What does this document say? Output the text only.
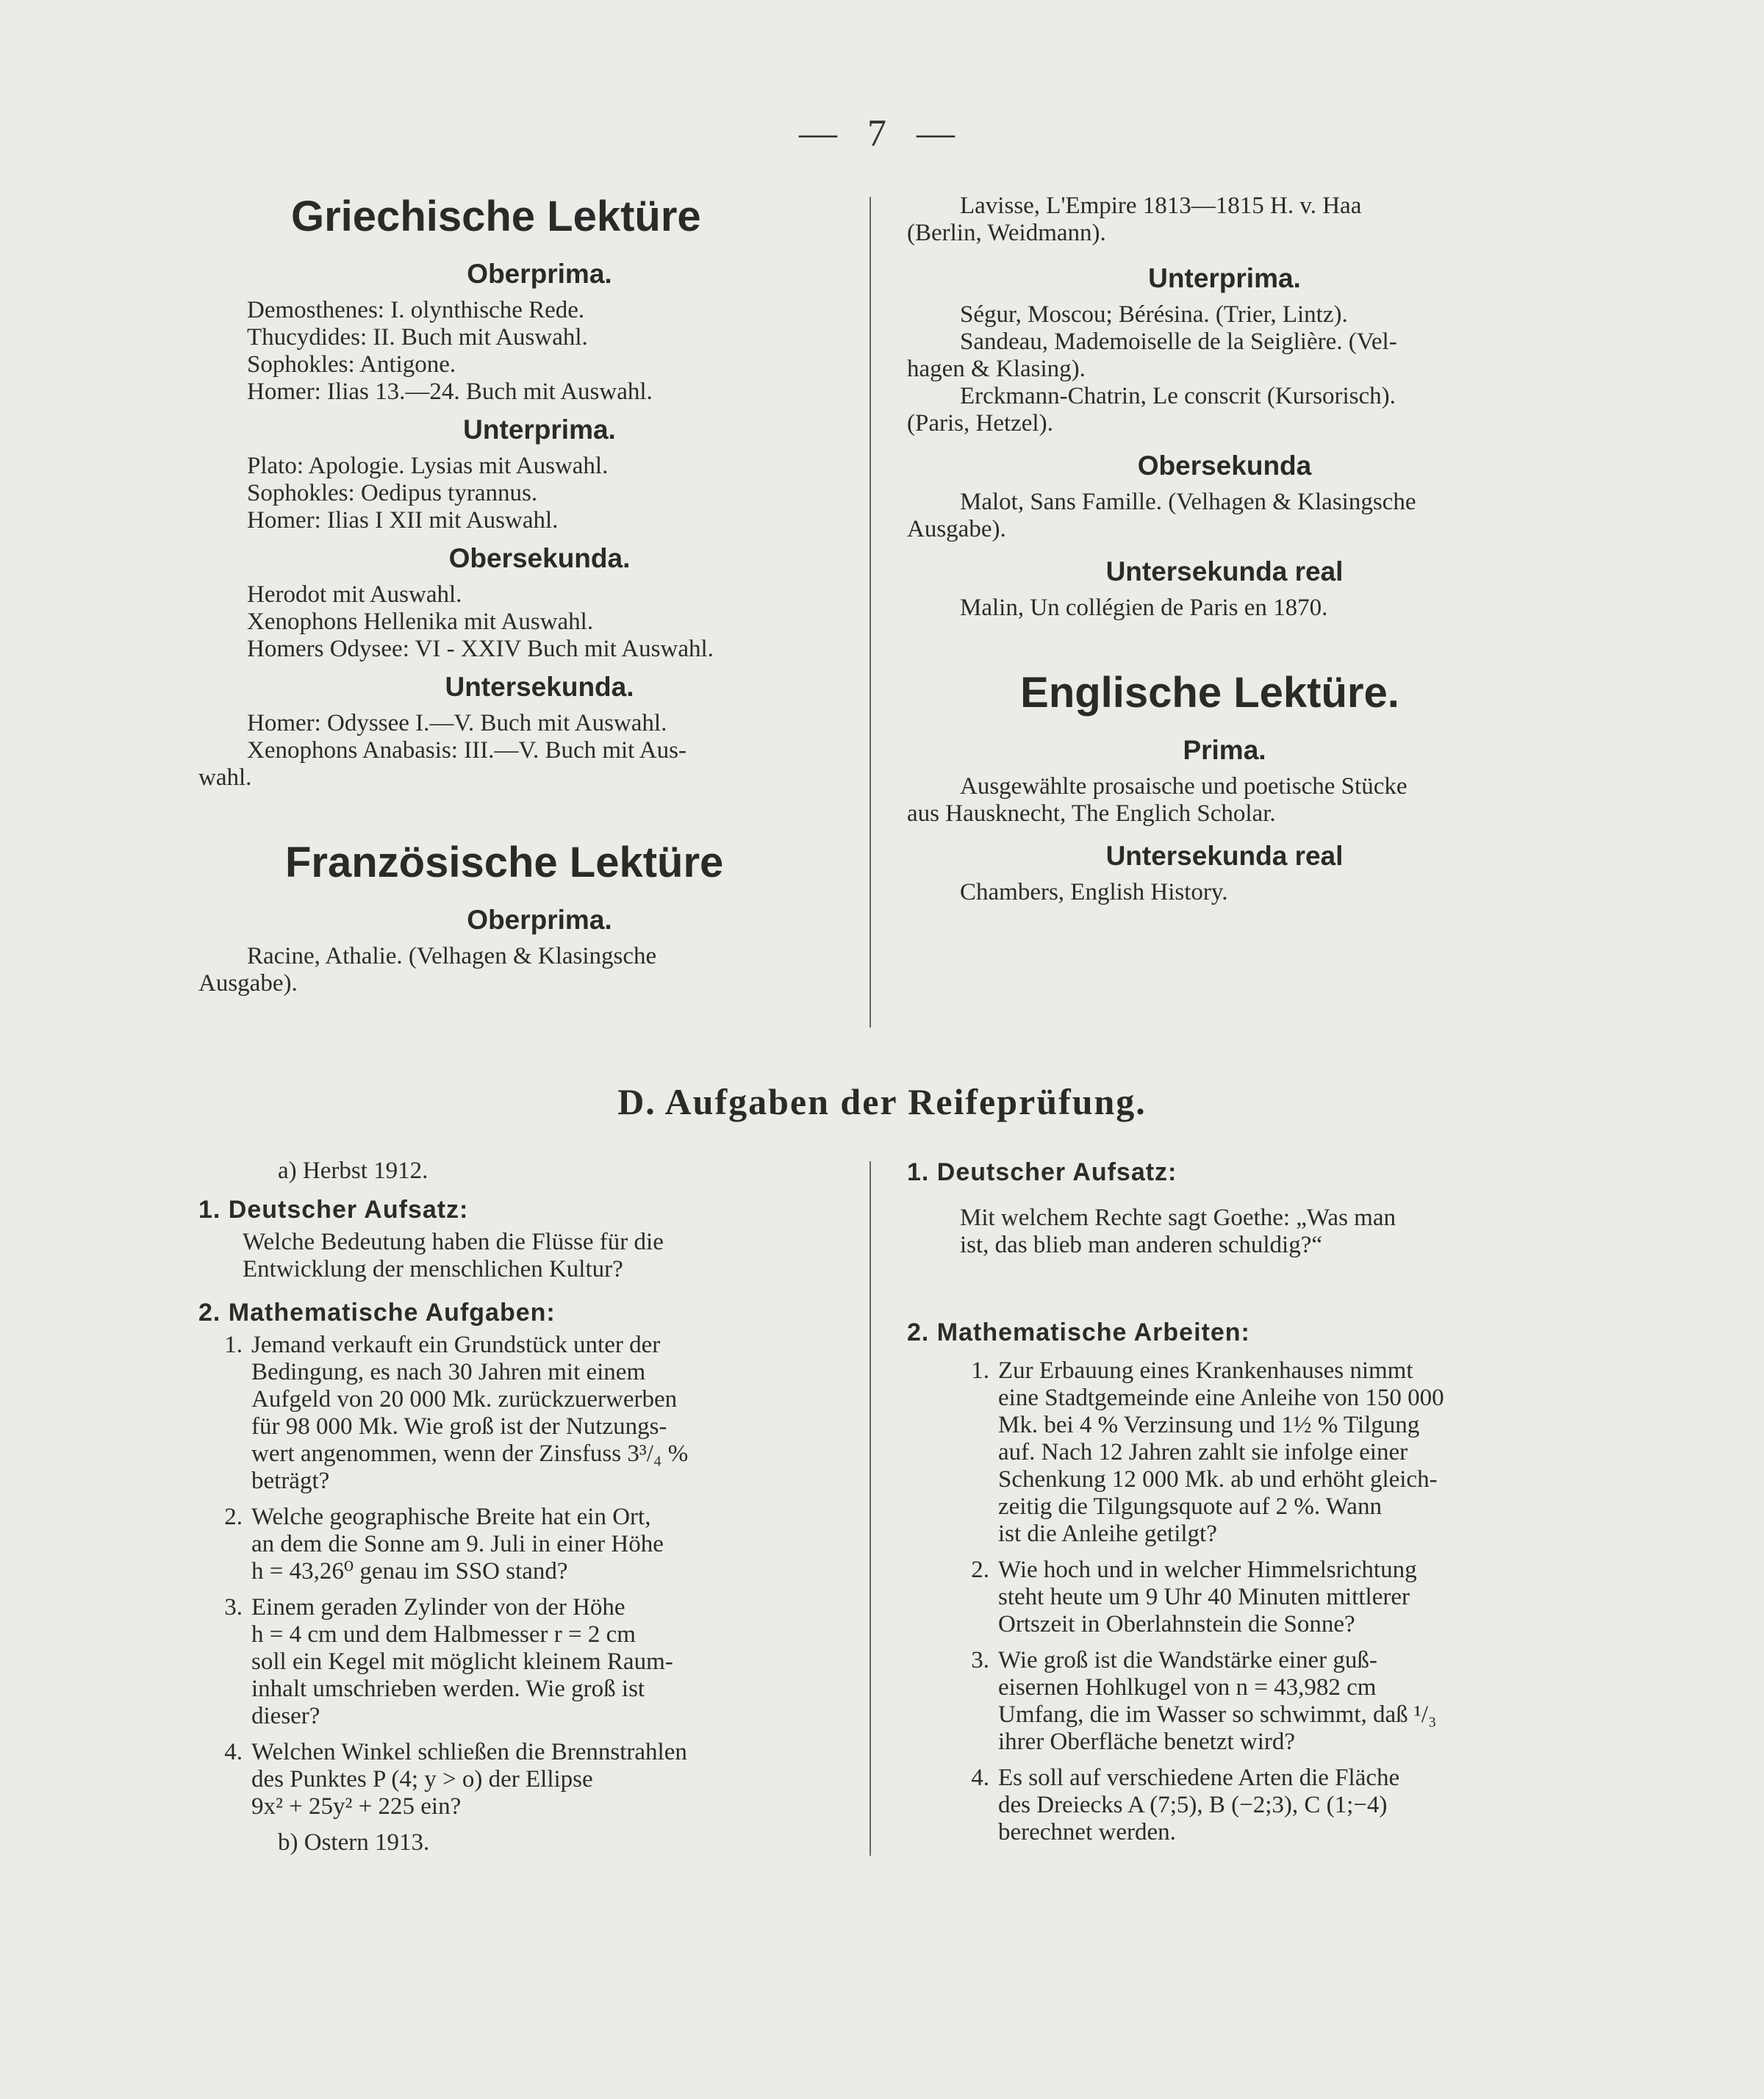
— 7 —
Griechische Lektüre
Oberprima.

Demosthenes: I. olynthische Rede.

Thucydides: II. Buch mit Auswahl.

Sophokles: Antigone.

Homer: Ilias 13.—24. Buch mit Auswahl.

Unterprima.

Plato: Apologie. Lysias mit Auswahl.

Sophokles: Oedipus tyrannus.

Homer: Ilias I XII mit Auswahl.

Obersekunda.

Herodot mit Auswahl.

Xenophons Hellenika mit Auswahl.

Homers Odysee: VI - XXIV Buch mit Auswahl.

Untersekunda.

Homer: Odyssee I.—V. Buch mit Auswahl.

Xenophons Anabasis: III.—V. Buch mit Aus-

wahl.

Französische Lektüre
Oberprima.

Racine, Athalie. (Velhagen & Klasingsche

Ausgabe).

Lavisse, L'Empire 1813—1815 H. v. Haa

(Berlin, Weidmann).

Unterprima.

Ségur, Moscou; Bérésina. (Trier, Lintz).

Sandeau, Mademoiselle de la Seiglière. (Vel-

hagen & Klasing).

Erckmann-Chatrin, Le conscrit (Kursorisch).

(Paris, Hetzel).

Obersekunda

Malot, Sans Famille. (Velhagen & Klasingsche

Ausgabe).

Untersekunda real

Malin, Un collégien de Paris en 1870.

Englische Lektüre.
Prima.

Ausgewählte prosaische und poetische Stücke

aus Hausknecht, The Englich Scholar.

Untersekunda real

Chambers, English History.

D. Aufgaben der Reifeprüfung.

a) Herbst 1912.

1. Deutscher Aufsatz:

Welche Bedeutung haben die Flüsse für die

Entwicklung der menschlichen Kultur?

2. Mathematische Aufgaben:
1. Jemand verkauft ein Grundstück unter der

Bedingung, es nach 30 Jahren mit einem

Aufgeld von 20 000 Mk. zurückzuerwerben

für 98 000 Mk. Wie groß ist der Nutzungs-

wert angenommen, wenn der Zinsfuss 3³/₄ %

beträgt?

2. Welche geographische Breite hat ein Ort,

an dem die Sonne am 9. Juli in einer Höhe

h = 43,26⁰ genau im SSO stand?

3. Einem geraden Zylinder von der Höhe

h = 4 cm und dem Halbmesser r = 2 cm

soll ein Kegel mit möglicht kleinem Raum-

inhalt umschrieben werden. Wie groß ist

dieser?

4. Welchen Winkel schließen die Brennstrahlen

des Punktes P (4; y > o) der Ellipse

9x² + 25y² + 225 ein?

b) Ostern 1913.

1. Deutscher Aufsatz:

Mit welchem Rechte sagt Goethe: „Was man

ist, das blieb man anderen schuldig?“

2. Mathematische Arbeiten:
1. Zur Erbauung eines Krankenhauses nimmt

eine Stadtgemeinde eine Anleihe von 150 000

Mk. bei 4 % Verzinsung und 1½ % Tilgung

auf. Nach 12 Jahren zahlt sie infolge einer

Schenkung 12 000 Mk. ab und erhöht gleich-

zeitig die Tilgungsquote auf 2 %. Wann

ist die Anleihe getilgt?

2. Wie hoch und in welcher Himmelsrichtung

steht heute um 9 Uhr 40 Minuten mittlerer

Ortszeit in Oberlahnstein die Sonne?

3. Wie groß ist die Wandstärke einer guß-

eisernen Hohlkugel von n = 43,982 cm

Umfang, die im Wasser so schwimmt, daß ¹/₃

ihrer Oberfläche benetzt wird?

4. Es soll auf verschiedene Arten die Fläche

des Dreiecks A (7;5), B (−2;3), C (1;−4)

berechnet werden.
